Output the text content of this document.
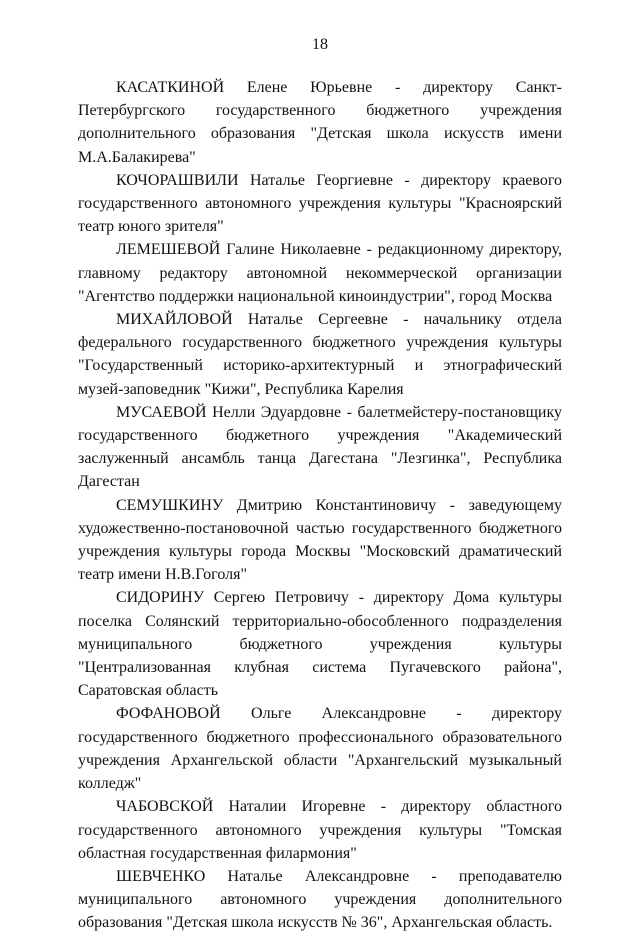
18

КАСАТКИНОЙ Елене Юрьевне - директору Санкт-Петербургского государственного бюджетного учреждения дополнительного образования "Детская школа искусств имени М.А.Балакирева"

КОЧОРАШВИЛИ Наталье Георгиевне - директору краевого государственного автономного учреждения культуры "Красноярский театр юного зрителя"

ЛЕМЕШЕВОЙ Галине Николаевне - редакционному директору, главному редактору автономной некоммерческой организации "Агентство поддержки национальной киноиндустрии", город Москва

МИХАЙЛОВОЙ Наталье Сергеевне - начальнику отдела федерального государственного бюджетного учреждения культуры "Государственный историко-архитектурный и этнографический музей-заповедник "Кижи", Республика Карелия

МУСАЕВОЙ Нелли Эдуардовне - балетмейстеру-постановщику государственного бюджетного учреждения "Академический заслуженный ансамбль танца Дагестана "Лезгинка", Республика Дагестан

СЕМУШКИНУ Дмитрию Константиновичу - заведующему художественно-постановочной частью государственного бюджетного учреждения культуры города Москвы "Московский драматический театр имени Н.В.Гоголя"

СИДОРИНУ Сергею Петровичу - директору Дома культуры поселка Солянский территориально-обособленного подразделения муниципального бюджетного учреждения культуры "Централизованная клубная система Пугачевского района", Саратовская область

ФОФАНОВОЙ Ольге Александровне - директору государственного бюджетного профессионального образовательного учреждения Архангельской области "Архангельский музыкальный колледж"

ЧАБОВСКОЙ Наталии Игоревне - директору областного государственного автономного учреждения культуры "Томская областная государственная филармония"

ШЕВЧЕНКО Наталье Александровне - преподавателю муниципального автономного учреждения дополнительного образования "Детская школа искусств № 36", Архангельская область.
